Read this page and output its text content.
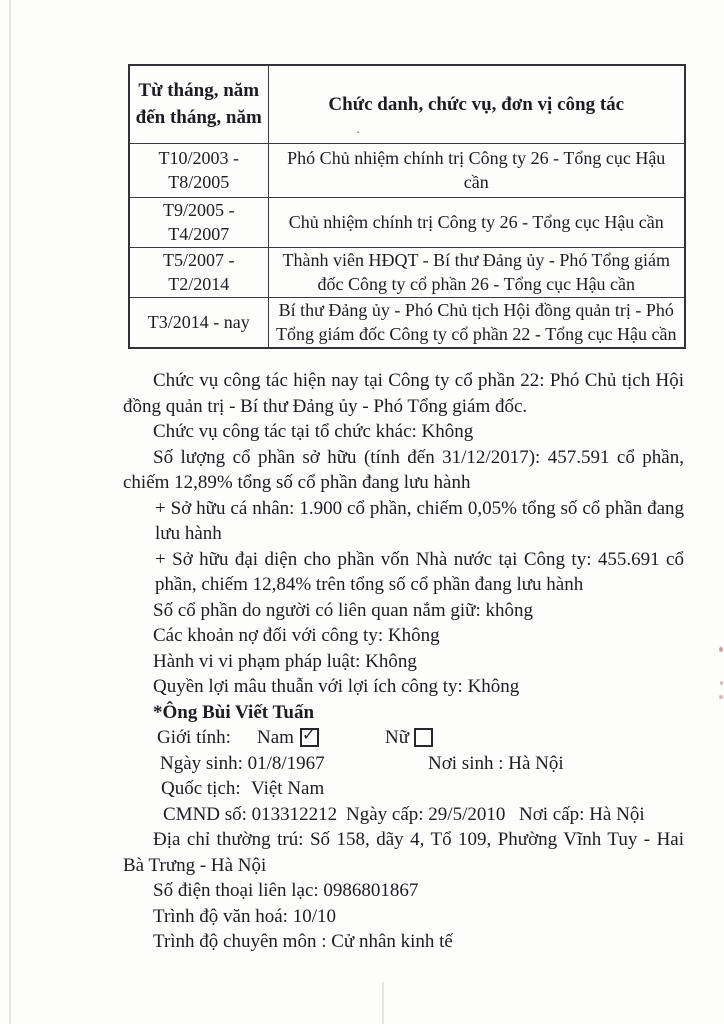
Từ tháng, năm đến tháng, năm	Chức danh, chức vụ, đơn vị công tác
.

T10/2003 - T8/2005	Phó Chủ nhiệm chính trị Công ty 26 - Tổng cục Hậu cần
T9/2005 - T4/2007	Chủ nhiệm chính trị Công ty 26 - Tổng cục Hậu cần
T5/2007 - T2/2014	Thành viên HĐQT - Bí thư Đảng ủy - Phó Tổng giám đốc Công ty cổ phần 26 - Tổng cục Hậu cần
T3/2014 - nay	Bí thư Đảng ủy - Phó Chủ tịch Hội đồng quản trị - Phó Tổng giám đốc Công ty cổ phần 22 - Tổng cục Hậu cần

Chức vụ công tác hiện nay tại Công ty cổ phần 22: Phó Chủ tịch Hội đồng quản trị - Bí thư Đảng ủy - Phó Tổng giám đốc.

Chức vụ công tác tại tổ chức khác: Không

Số lượng cổ phần sở hữu (tính đến 31/12/2017): 457.591 cổ phần, chiếm 12,89% tổng số cổ phần đang lưu hành

+ Sở hữu cá nhân: 1.900 cổ phần, chiếm 0,05% tổng số cổ phần đang lưu hành

+ Sở hữu đại diện cho phần vốn Nhà nước tại Công ty: 455.691 cổ phần, chiếm 12,84% trên tổng số cổ phần đang lưu hành

Số cổ phần do người có liên quan nắm giữ: không

Các khoản nợ đối với công ty: Không

Hành vi vi phạm pháp luật: Không

Quyền lợi mâu thuẫn với lợi ích công ty: Không

*Ông Bùi Viết Tuấn

Giới tính: Nam ✓	Nữ
Ngày sinh: 01/8/1967	Nơi sinh : Hà Nội
Quốc tịch: Việt Nam
CMND số: 013312212 Ngày cấp: 29/5/2010 Nơi cấp: Hà Nội

Địa chỉ thường trú: Số 158, dãy 4, Tổ 109, Phường Vĩnh Tuy - Hai Bà Trưng - Hà Nội

Số điện thoại liên lạc: 0986801867

Trình độ văn hoá: 10/10

Trình độ chuyên môn : Cử nhân kinh tế
